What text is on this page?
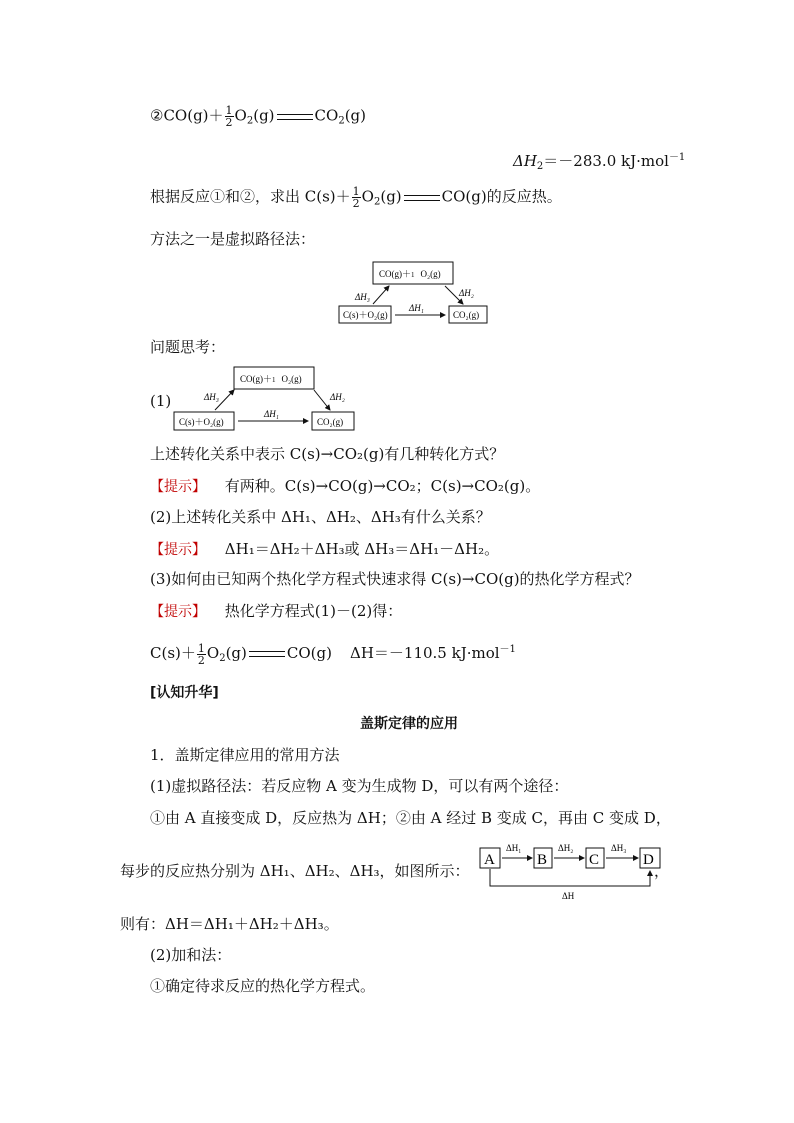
②CO(g)＋ $\frac{1}{2} O_2(g)$	$CO_2(g)$
$\Delta H_2=-283.0$ kJ·mol$^{-1}$
根据反应①和②，求出 $C(s)+ \frac{1}{2} O_2(g)$	CO(g)的反应热。
方法之一是虚拟路径法：
CO(g)＋1 O₂(g)
C(s)＋O₂(g)	CO₂(g)
ΔH₃	ΔH₂
ΔH₁
问题思考：
(1)
CO(g)＋1 O₂(g)
C(s)＋O₂(g)	CO₂(g)
ΔH₃	ΔH₂
ΔH₁
上述转化关系中表示 C(s)→CO₂(g)有几种转化方式？
【提示】 有两种。C(s)→CO(g)→CO₂；C(s)→CO₂(g)。
(2)上述转化关系中 ΔH₁、ΔH₂、ΔH₃有什么关系？
【提示】 ΔH₁＝ΔH₂＋ΔH₃或 ΔH₃＝ΔH₁－ΔH₂。
(3)如何由已知两个热化学方程式快速求得 C(s)→CO(g)的热化学方程式？
【提示】 热化学方程式(1)－(2)得：
$C(s)+ \frac{1}{2} O_2(g)$	CO(g) ΔH＝－110.5 kJ·mol$^{-1}$
[认知升华]
盖斯定律的应用
1．盖斯定律应用的常用方法
(1)虚拟路径法：若反应物 A 变为生成物 D，可以有两个途径：
①由 A 直接变成 D，反应热为 ΔH；②由 A 经过 B 变成 C，再由 C 变成 D，
每步的反应热分别为 ΔH₁、ΔH₂、ΔH₃，如图所示：
A	B	C	D
ΔH₁	ΔH₂	ΔH₃
ΔH
，
则有：ΔH＝ΔH₁＋ΔH₂＋ΔH₃。
(2)加和法：
①确定待求反应的热化学方程式。
